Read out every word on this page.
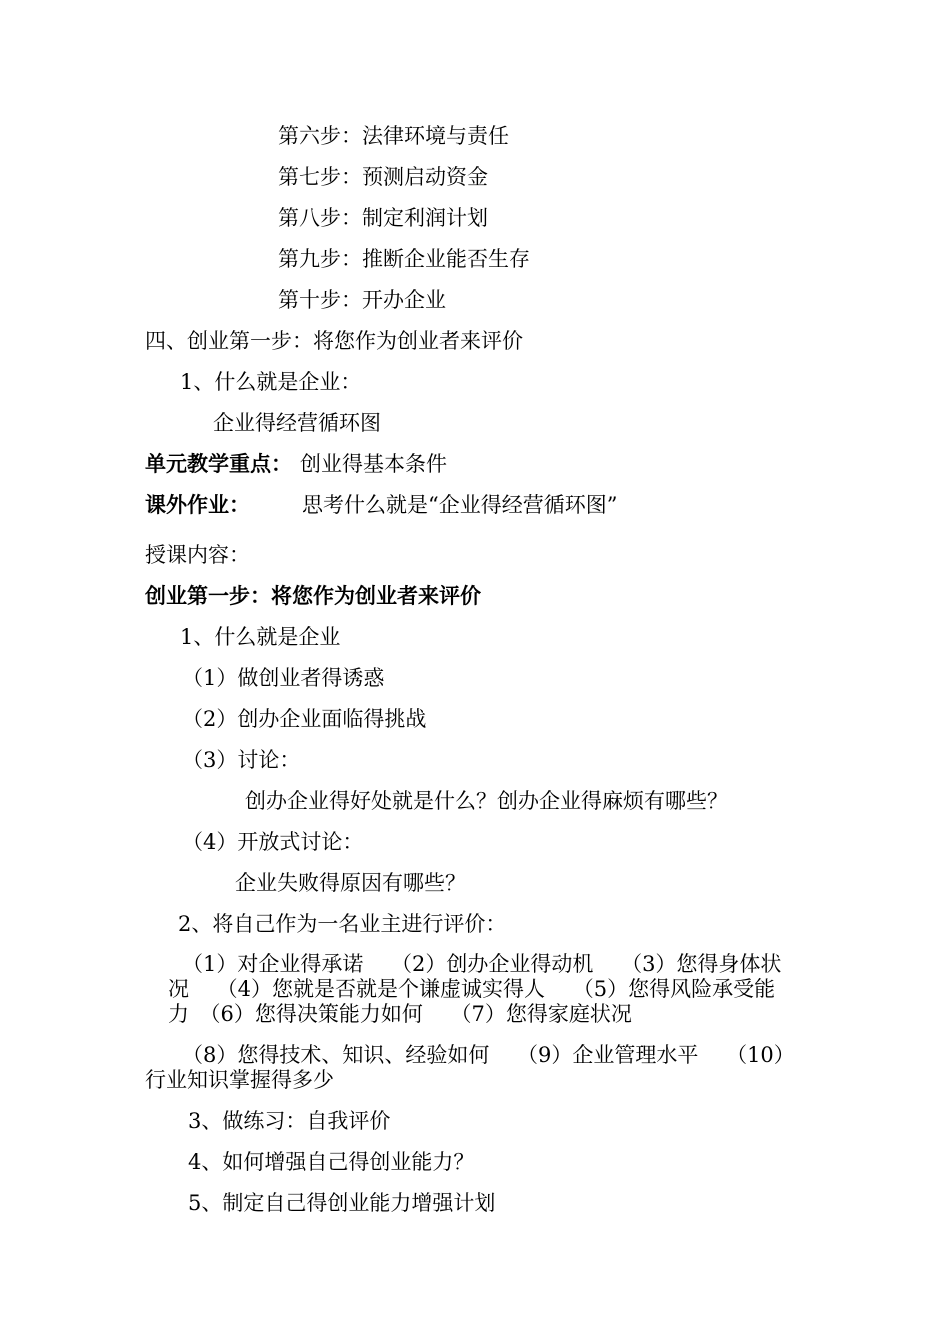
第六步：法律环境与责任
第七步：预测启动资金
第八步：制定利润计划
第九步：推断企业能否生存
第十步：开办企业
四、创业第一步：将您作为创业者来评价
1、什么就是企业：
企业得经营循环图
单元教学重点： 创业得基本条件
课外作业： 思考什么就是“企业得经营循环图”
授课内容：
创业第一步：将您作为创业者来评价
1、什么就是企业
（1）做创业者得诱惑
（2）创办企业面临得挑战
（3）讨论：
创办企业得好处就是什么？创办企业得麻烦有哪些？
（4）开放式讨论：
企业失败得原因有哪些？
2、将自己作为一名业主进行评价：
（1）对企业得承诺　 （2）创办企业得动机　 （3）您得身体状
况　 （4）您就是否就是个谦虚诚实得人　 （5）您得风险承受能
力　（6）您得决策能力如何　 （7）您得家庭状况
（8）您得技术、知识、经验如何　 （9）企业管理水平　 （10）
行业知识掌握得多少
3、做练习：自我评价
4、如何增强自己得创业能力？
5、制定自己得创业能力增强计划
